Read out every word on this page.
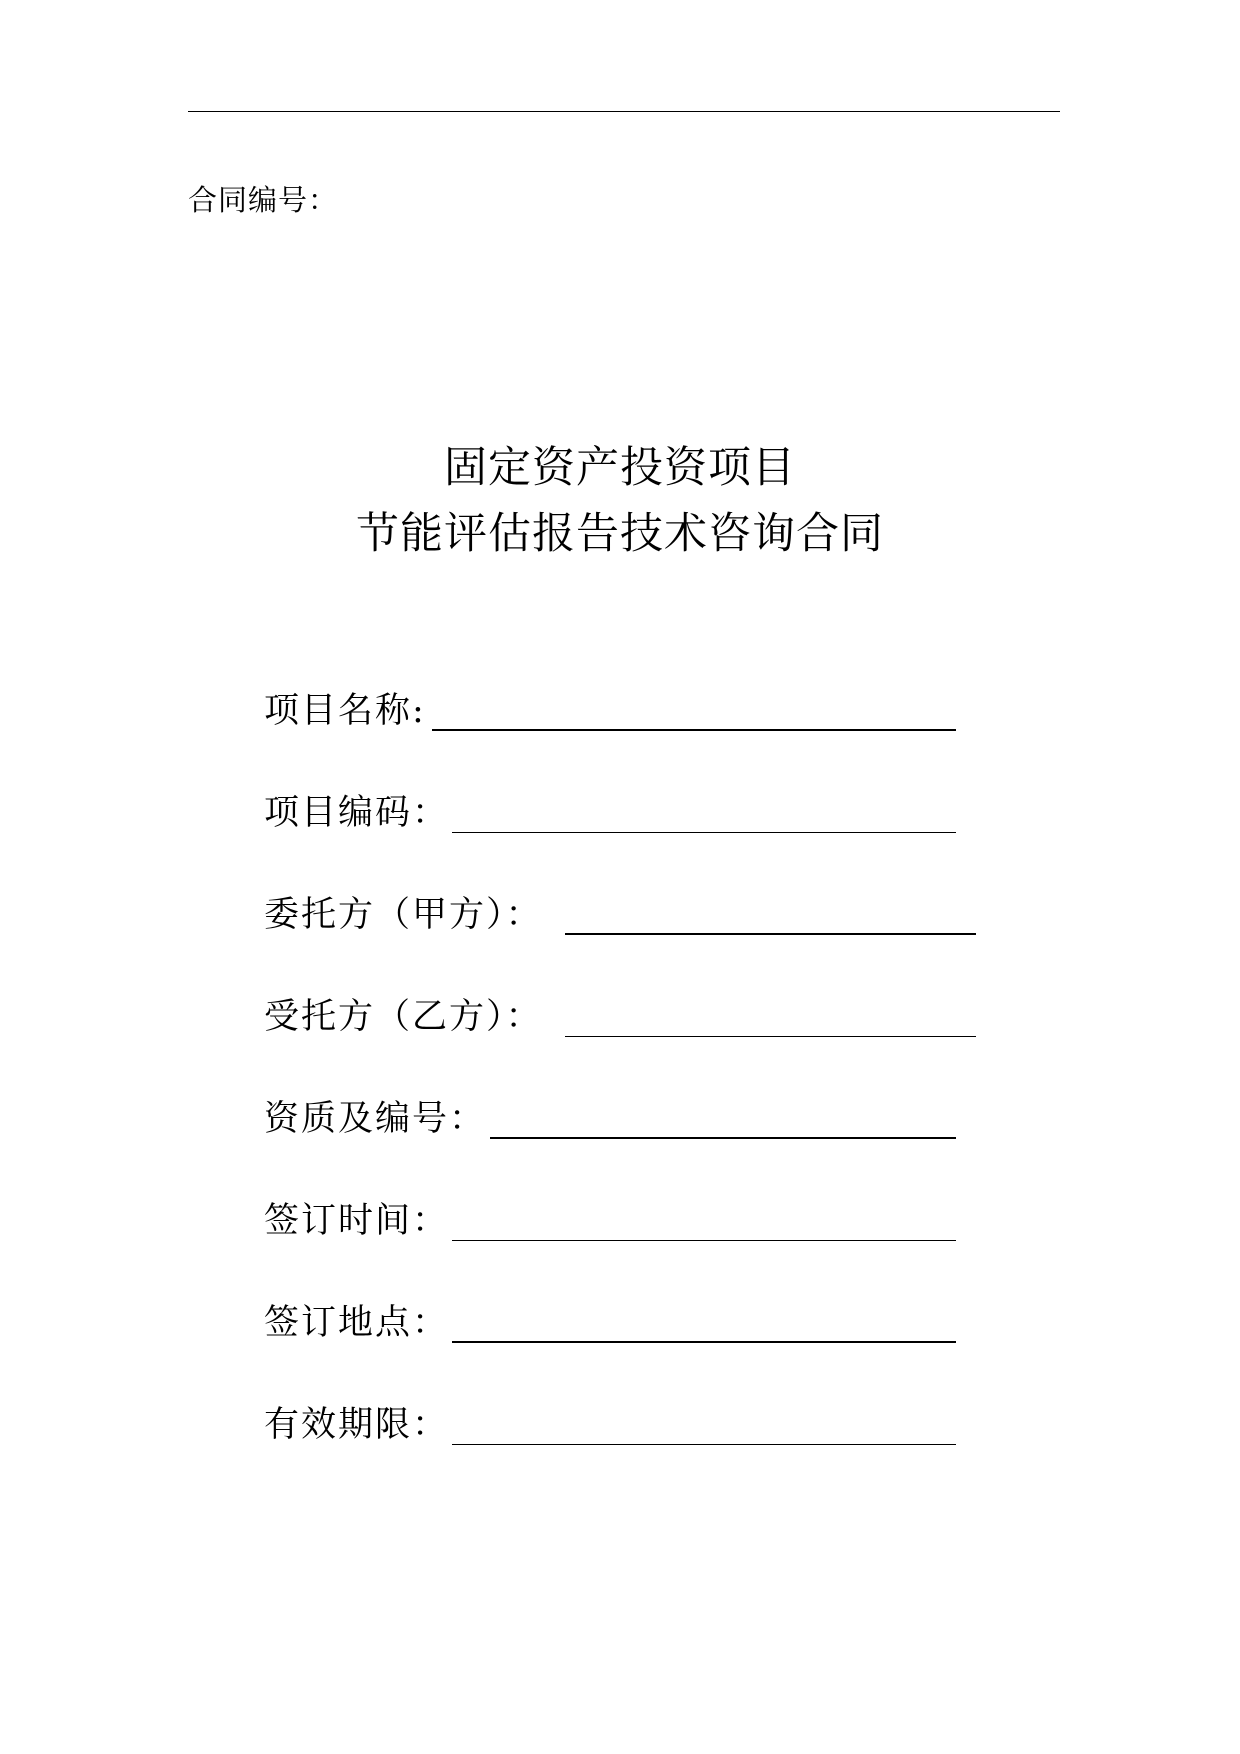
合同编号：
固定资产投资项目
节能评估报告技术咨询合同
项目名称:
项目编码：
委托方（甲方）：
受托方（乙方）：
资质及编号：
签订时间：
签订地点：
有效期限：
